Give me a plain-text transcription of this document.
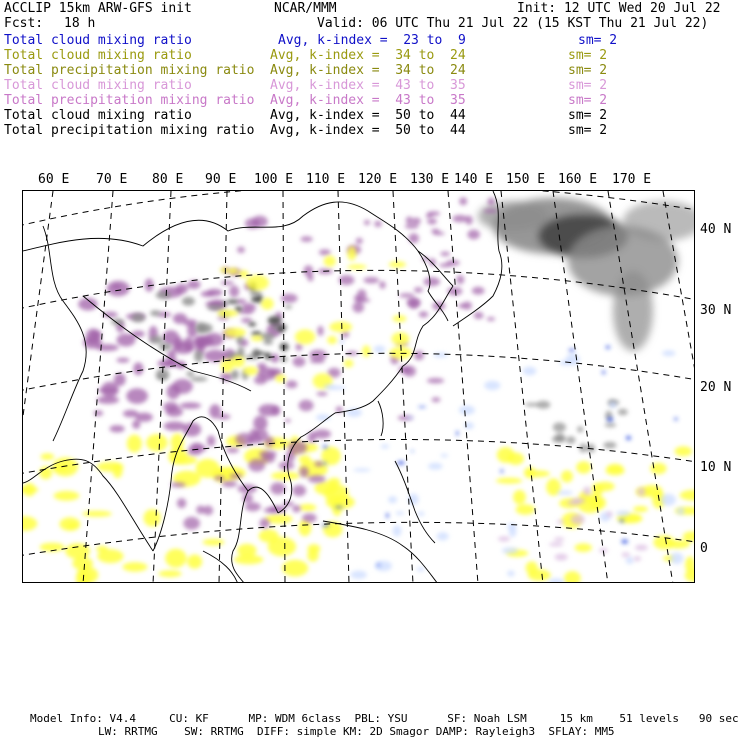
ACCLIP 15km ARW-GFS init	NCAR/MMM	Init: 12 UTC Wed 20 Jul 22
Fcst: 18 h	Valid: 06 UTC Thu 21 Jul 22 (15 KST Thu 21 Jul 22)
Total cloud mixing ratio	Avg, k-index =  23 to  9	sm= 2
Total cloud mixing ratio	Avg, k-index =  34 to  24	sm= 2
Total precipitation mixing ratio Avg, k-index =  34 to  24	sm= 2
Total cloud mixing ratio	Avg, k-index =  43 to  35	sm= 2
Total precipitation mixing ratio Avg, k-index =  43 to  35	sm= 2
Total cloud mixing ratio	Avg, k-index =  50 to  44	sm= 2
Total precipitation mixing ratio Avg, k-index =  50 to  44	sm= 2
60 E 70 E 80 E 90 E 100 E 110 E 120 E 130 E 140 E 150 E 160 E 170 E
40 N
30 N
20 N
10 N
0
Model Info: V4.4     CU: KF      MP: WDM 6class  PBL: YSU      SF: Noah LSM     15 km    51 levels   90 sec
LW: RRTMG    SW: RRTMG  DIFF: simple KM: 2D Smagor DAMP: Rayleigh3  SFLAY: MM5
